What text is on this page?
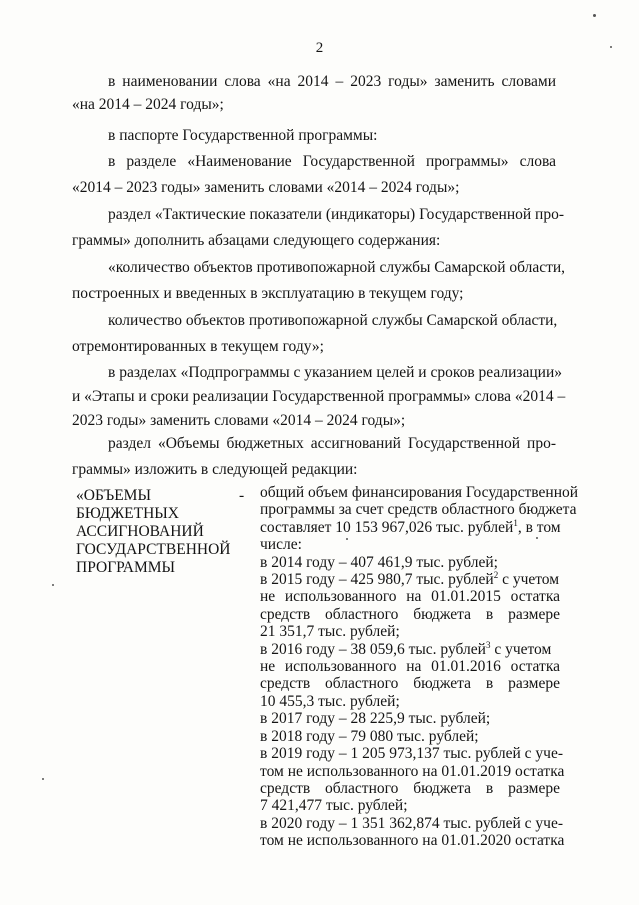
2
в наименовании слова «на 2014 – 2023 годы» заменить словами
«на 2014 – 2024 годы»;
в паспорте Государственной программы:
в разделе «Наименование Государственной программы» слова
«2014 – 2023 годы» заменить словами «2014 – 2024 годы»;
раздел «Тактические показатели (индикаторы) Государственной про-
граммы» дополнить абзацами следующего содержания:
«количество объектов противопожарной службы Самарской области,
построенных и введенных в эксплуатацию в текущем году;
количество объектов противопожарной службы Самарской области,
отремонтированных в текущем году»;
в разделах «Подпрограммы с указанием целей и сроков реализации»
и «Этапы и сроки реализации Государственной программы» слова «2014 –
2023 годы» заменить словами «2014 – 2024 годы»;
раздел «Объемы бюджетных ассигнований Государственной про-
граммы» изложить в следующей редакции:
«ОБЪЕМЫ
БЮДЖЕТНЫХ
АССИГНОВАНИЙ
ГОСУДАРСТВЕННОЙ
ПРОГРАММЫ
- общий объем финансирования Государственной
программы за счет средств областного бюджета
составляет 10 153 967,026 тыс. рублей$^1$, в том
числе:
в 2014 году – 407 461,9 тыс. рублей;
в 2015 году – 425 980,7 тыс. рублей$^2$ с учетом
не использованного на 01.01.2015 остатка
средств областного бюджета в размере
21 351,7 тыс. рублей;
в 2016 году – 38 059,6 тыс. рублей$^3$ с учетом
не использованного на 01.01.2016 остатка
средств областного бюджета в размере
10 455,3 тыс. рублей;
в 2017 году – 28 225,9 тыс. рублей;
в 2018 году – 79 080 тыс. рублей;
в 2019 году – 1 205 973,137 тыс. рублей с уче-
том не использованного на 01.01.2019 остатка
средств областного бюджета в размере
7 421,477 тыс. рублей;
в 2020 году – 1 351 362,874 тыс. рублей с уче-
том не использованного на 01.01.2020 остатка
